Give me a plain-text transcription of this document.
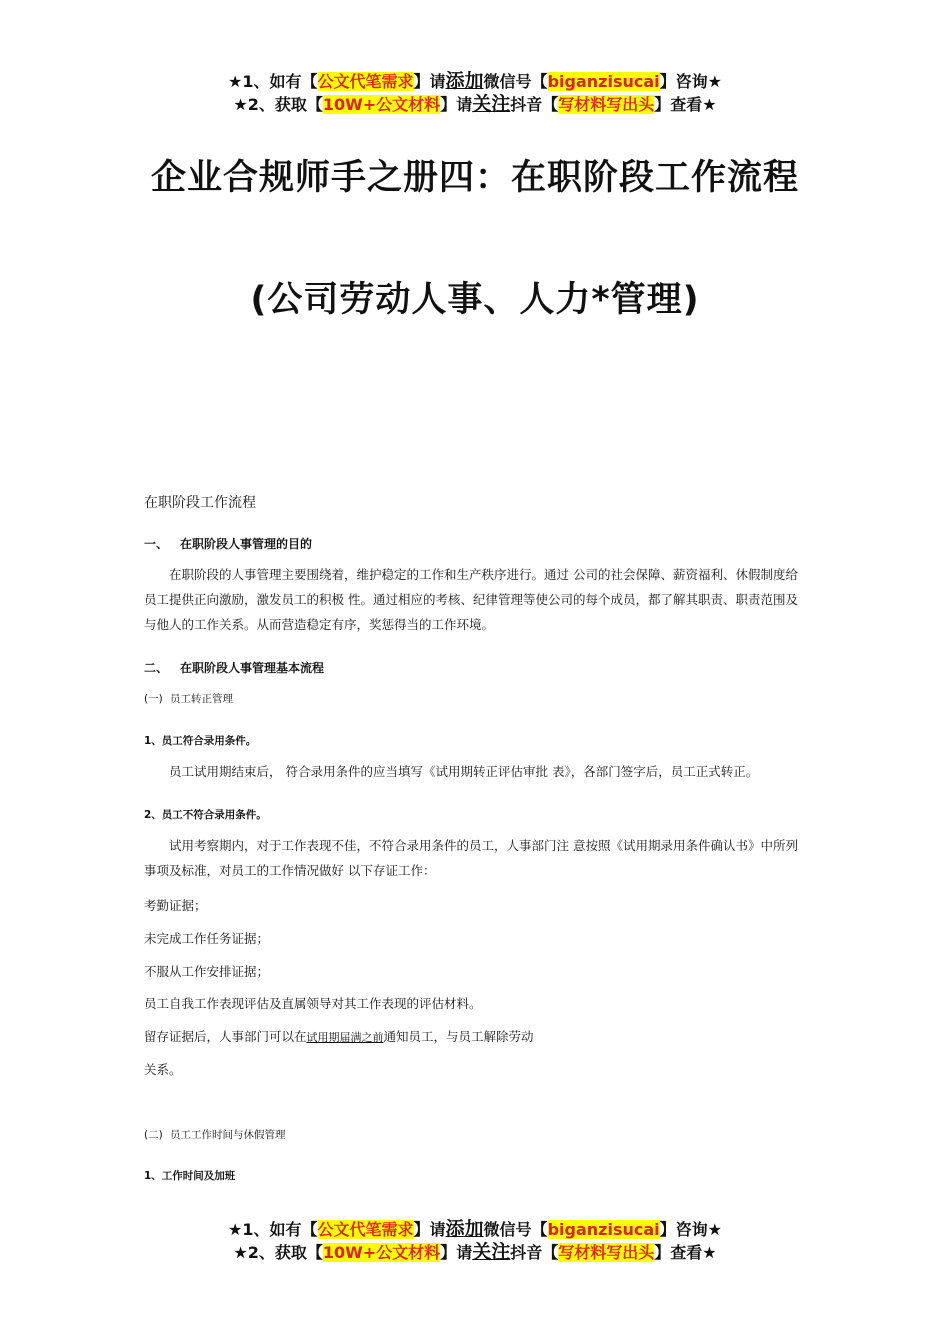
★1、如有【公文代笔需求】请添加微信号【biganzisucai】咨询★
★2、获取【10W+公文材料】请关注抖音【写材料写出头】查看★
企业合规师手之册四：在职阶段工作流程
(公司劳动人事、人力*管理)
在职阶段工作流程
一、 在职阶段人事管理的目的

在职阶段的人事管理主要围绕着，维护稳定的工作和生产秩序进行。通过 公司的社会保障、薪资福利、休假制度给员工提供正向激励，激发员工的积极 性。通过相应的考核、纪律管理等使公司的每个成员，都了解其职责、职责范围及与他人的工作关系。从而营造稳定有序，奖惩得当的工作环境。

二、 在职阶段人事管理基本流程
(一) 员工转正管理
1、员工符合录用条件。

员工试用期结束后， 符合录用条件的应当填写《试用期转正评估审批 表》，各部门签字后，员工正式转正。

2、员工不符合录用条件。

试用考察期内，对于工作表现不佳，不符合录用条件的员工，人事部门注 意按照《试用期录用条件确认书》中所列事项及标准，对员工的工作情况做好 以下存证工作：

考勤证据；
未完成工作任务证据；
不服从工作安排证据；
员工自我工作表现评估及直属领导对其工作表现的评估材料。
留存证据后，人事部门可以在试用期届满之前通知员工，与员工解除劳动
关系。
(二) 员工工作时间与休假管理
1、工作时间及加班
★1、如有【公文代笔需求】请添加微信号【biganzisucai】咨询★
★2、获取【10W+公文材料】请关注抖音【写材料写出头】查看★
